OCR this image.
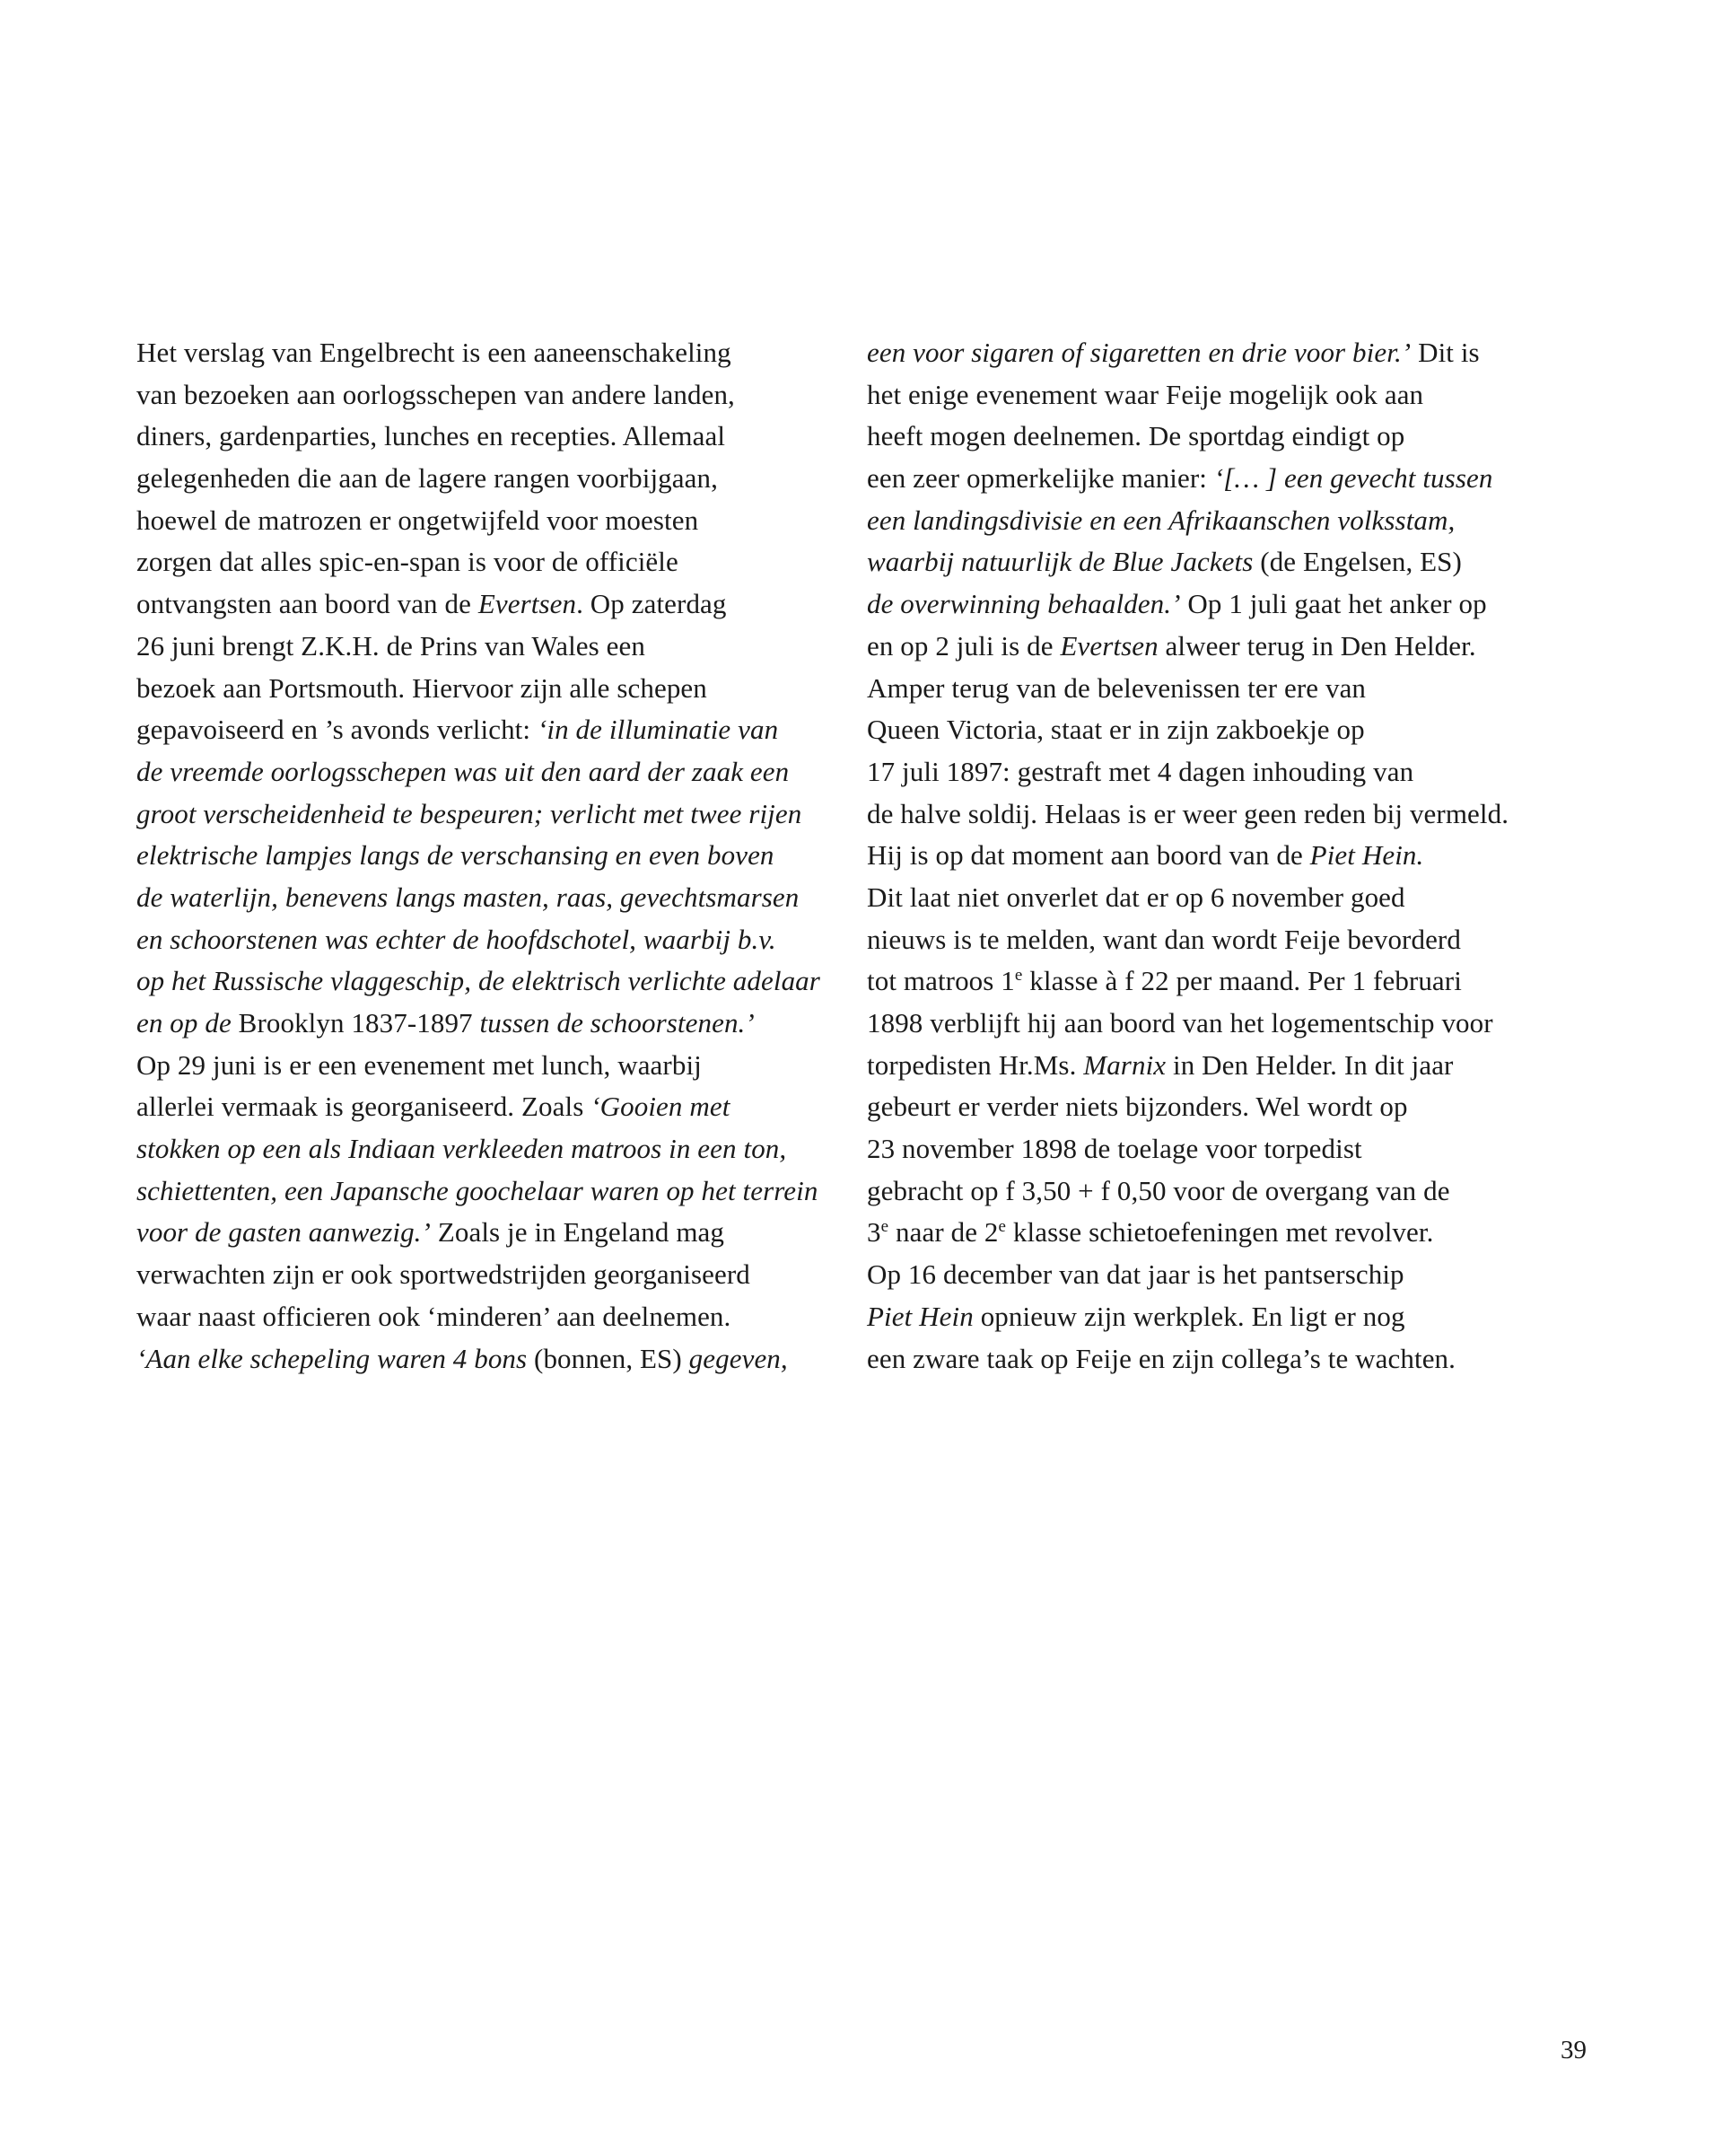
Het verslag van Engelbrecht is een aaneenschakeling
van bezoeken aan oorlogsschepen van andere landen,
diners, gardenparties, lunches en recepties. Allemaal
gelegenheden die aan de lagere rangen voorbijgaan,
hoewel de matrozen er ongetwijfeld voor moesten
zorgen dat alles spic-en-span is voor de officiële
ontvangsten aan boord van de Evertsen. Op zaterdag
26 juni brengt Z.K.H. de Prins van Wales een
bezoek aan Portsmouth. Hiervoor zijn alle schepen
gepavoiseerd en ’s avonds verlicht: ‘in de illuminatie van
de vreemde oorlogsschepen was uit den aard der zaak een
groot verscheidenheid te bespeuren; verlicht met twee rijen
elektrische lampjes langs de verschansing en even boven
de waterlijn, benevens langs masten, raas, gevechtsmarsen
en schoorstenen was echter de hoofdschotel, waarbij b.v.
op het Russische vlaggeschip, de elektrisch verlichte adelaar
en op de Brooklyn 1837-1897 tussen de schoorstenen.’
Op 29 juni is er een evenement met lunch, waarbij
allerlei vermaak is georganiseerd. Zoals ‘Gooien met
stokken op een als Indiaan verkleeden matroos in een ton,
schiettenten, een Japansche goochelaar waren op het terrein
voor de gasten aanwezig.’ Zoals je in Engeland mag
verwachten zijn er ook sportwedstrijden georganiseerd
waar naast officieren ook ‘minderen’ aan deelnemen.
‘Aan elke schepeling waren 4 bons (bonnen, ES) gegeven,
een voor sigaren of sigaretten en drie voor bier.’ Dit is
het enige evenement waar Feije mogelijk ook aan
heeft mogen deelnemen. De sportdag eindigt op
een zeer opmerkelijke manier: ‘[… ] een gevecht tussen
een landingsdivisie en een Afrikaanschen volksstam,
waarbij natuurlijk de Blue Jackets (de Engelsen, ES)
de overwinning behaalden.’ Op 1 juli gaat het anker op
en op 2 juli is de Evertsen alweer terug in Den Helder.
Amper terug van de belevenissen ter ere van
Queen Victoria, staat er in zijn zakboekje op
17 juli 1897: gestraft met 4 dagen inhouding van
de halve soldij. Helaas is er weer geen reden bij vermeld.
Hij is op dat moment aan boord van de Piet Hein.
Dit laat niet onverlet dat er op 6 november goed
nieuws is te melden, want dan wordt Feije bevorderd
tot matroos 1e klasse à f 22 per maand. Per 1 februari
1898 verblijft hij aan boord van het logementschip voor
torpedisten Hr.Ms. Marnix in Den Helder. In dit jaar
gebeurt er verder niets bijzonders. Wel wordt op
23 november 1898 de toelage voor torpedist
gebracht op f 3,50 + f 0,50 voor de overgang van de
3e naar de 2e klasse schietoefeningen met revolver.
Op 16 december van dat jaar is het pantserschip
Piet Hein opnieuw zijn werkplek. En ligt er nog
een zware taak op Feije en zijn collega’s te wachten.
39
